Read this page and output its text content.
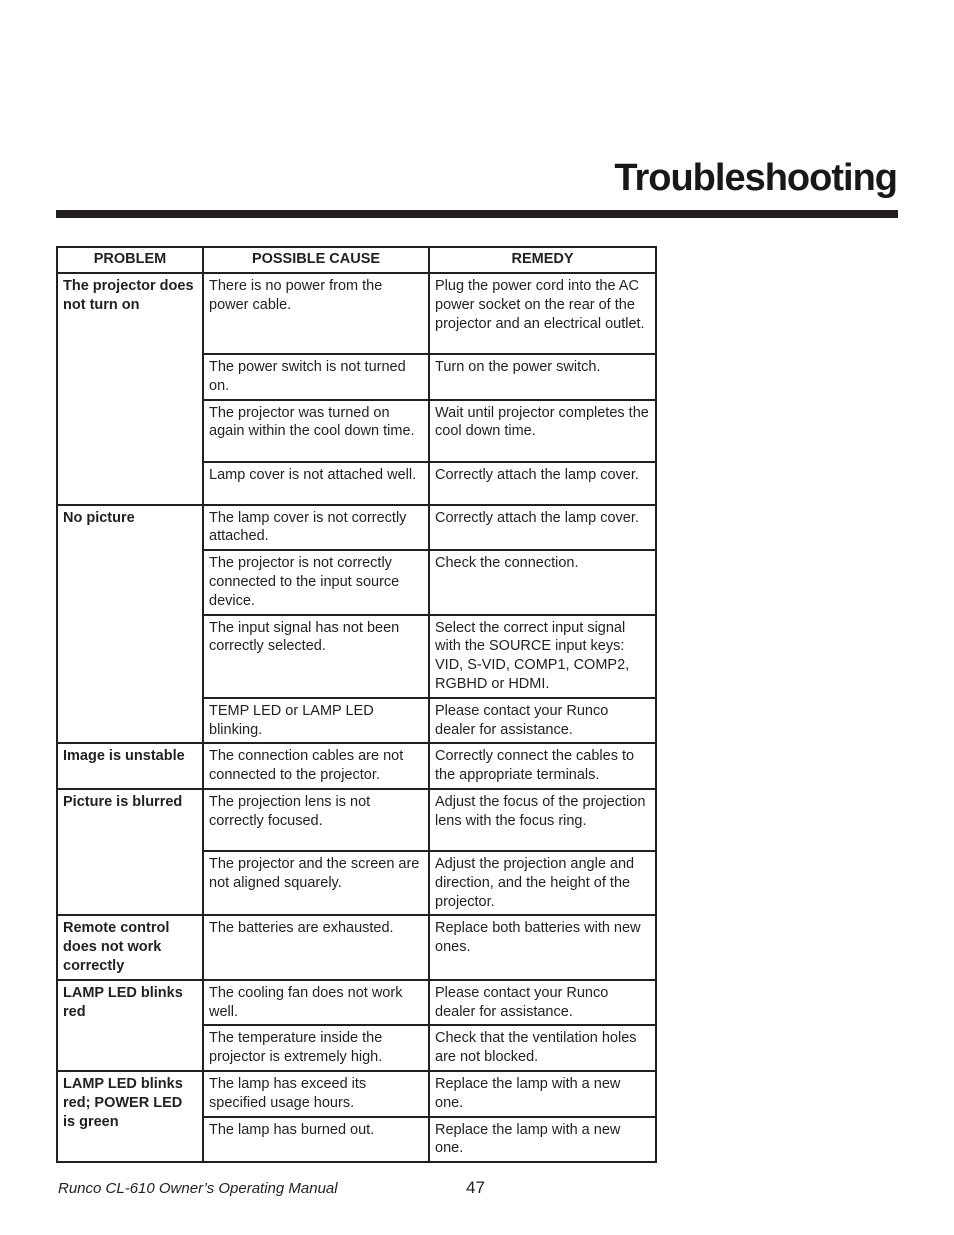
Troubleshooting
PROBLEM	POSSIBLE CAUSE	REMEDY
The projector does not turn on	There is no power from the power cable.	Plug the power cord into the AC power socket on the rear of the projector and an electrical outlet.
	The power switch is not turned on.	Turn on the power switch.
	The projector was turned on again within the cool down time.	Wait until projector completes the cool down time.
	Lamp cover is not attached well.	Correctly attach the lamp cover.
No picture	The lamp cover is not correctly attached.	Correctly attach the lamp cover.
	The projector is not correctly connected to the input source device.	Check the connection.
	The input signal has not been correctly selected.	Select the correct input signal with the SOURCE input keys: VID, S-VID, COMP1, COMP2, RGBHD or HDMI.
	TEMP LED or LAMP LED blinking.	Please contact your Runco dealer for assistance.
Image is unstable	The connection cables are not connected to the projector.	Correctly connect the cables to the appropriate terminals.
Picture is blurred	The projection lens is not correctly focused.	Adjust the focus of the projection lens with the focus ring.
	The projector and the screen are not aligned squarely.	Adjust the projection angle and direction, and the height of the projector.
Remote control does not work correctly	The batteries are exhausted.	Replace both batteries with new ones.
LAMP LED blinks red	The cooling fan does not work well.	Please contact your Runco dealer for assistance.
	The temperature inside the projector is extremely high.	Check that the ventilation holes are not blocked.
LAMP LED blinks red; POWER LED is green	The lamp has exceed its specified usage hours.	Replace the lamp with a new one.
	The lamp has burned out.	Replace the lamp with a new one.
Runco CL-610 Owner’s Operating Manual	47
